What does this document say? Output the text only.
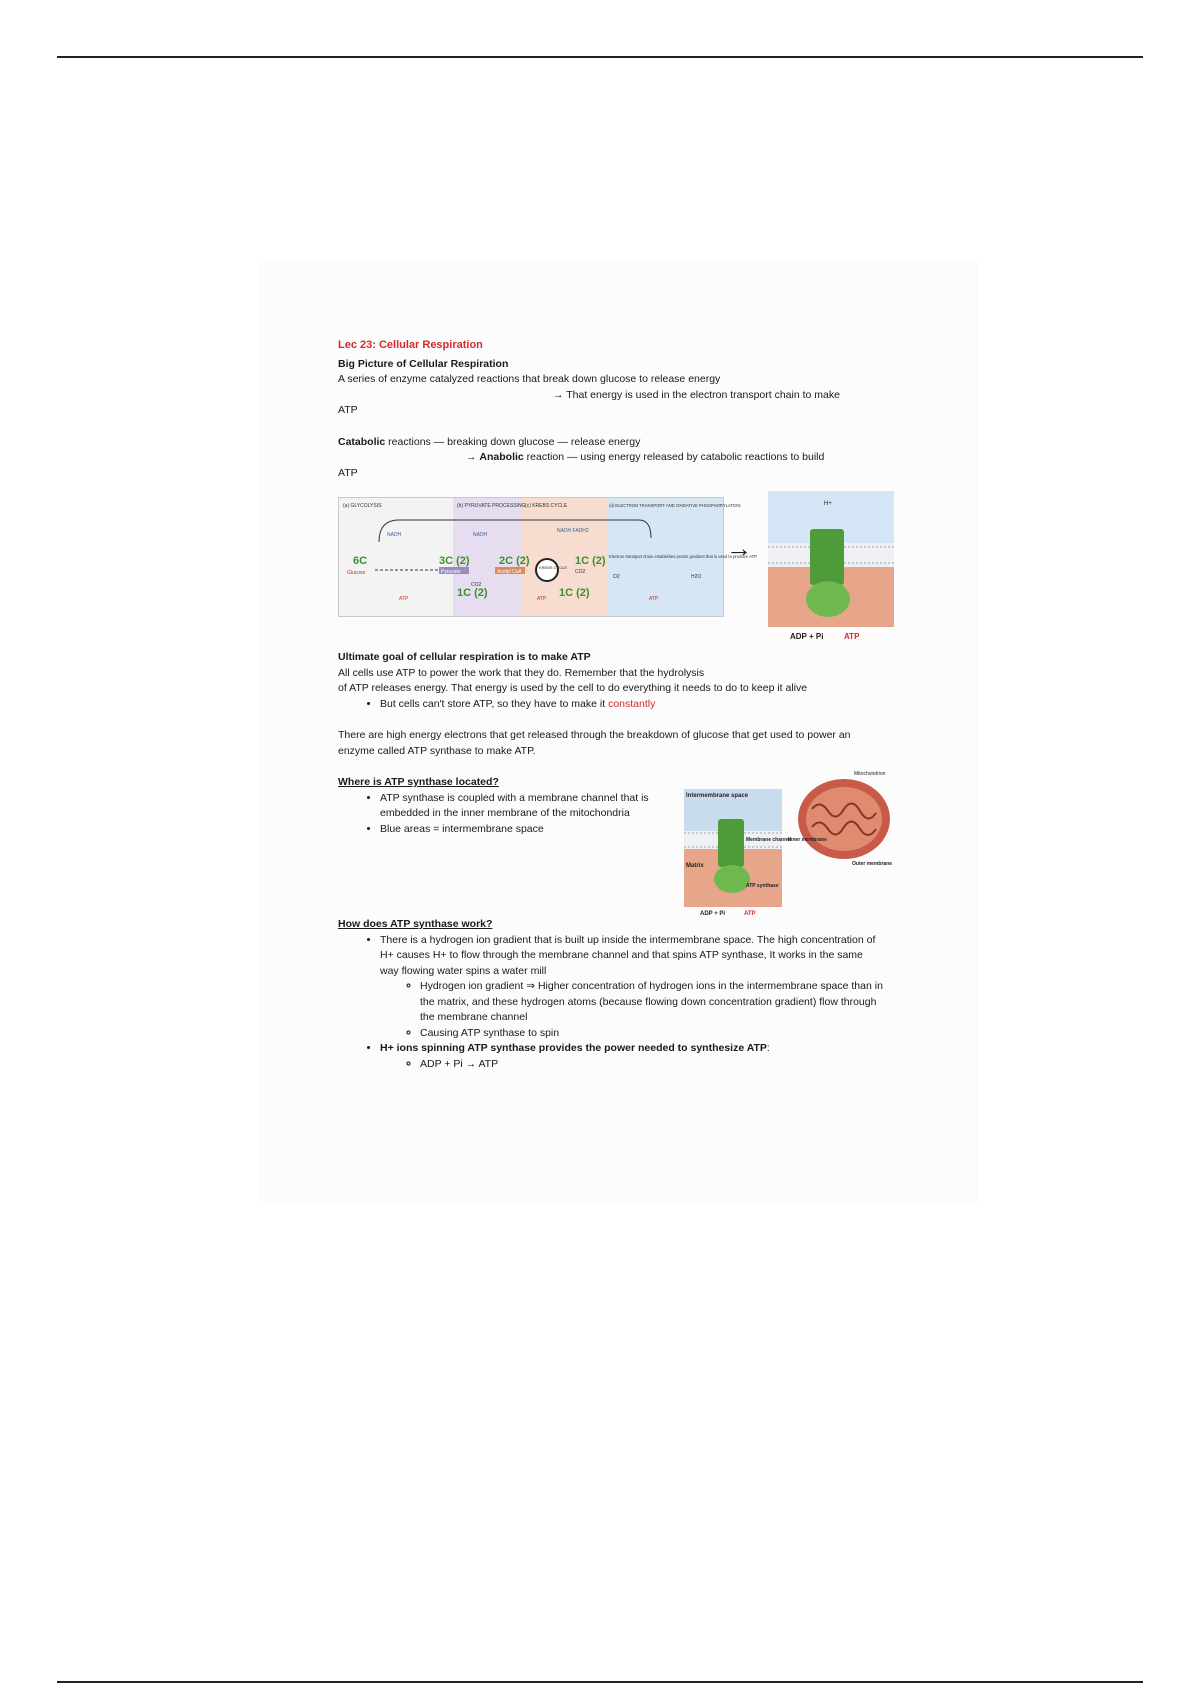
Lec 23: Cellular Respiration
Big Picture of Cellular Respiration

A series of enzyme catalyzed reactions that break down glucose to release energy

→ That energy is used in the electron transport chain to make

ATP

Catabolic reactions — breaking down glucose — release energy

→ Anabolic reaction — using energy released by catabolic reactions to build

ATP

(a) GLYCOLYSIS	(b) PYRUVATE PROCESSING (c) KREBS CYCLE	(d) ELECTRON TRANSPORT AND OXIDATIVE PHOSPHORYLATION
NADH	NADH
NADH FADH2
6C
Glucose
3C (2)
Pyruvate
2C (2)
Acetyl CoA
KREBS CYCLE
1C (2)
CO2
Electron transport chain establishes proton gradient that is used to produce ATP
O2	H2O
1C (2)
CO2
1C (2)
ATP	ATP	ATP
→
H+
ADP + Pi	ATP
Ultimate goal of cellular respiration is to make ATP

All cells use ATP to power the work that they do. Remember that the hydrolysis

of ATP releases energy. That energy is used by the cell to do everything it needs to do to keep it alive

• But cells can't store ATP, so they have to make it constantly

There are high energy electrons that get released through the breakdown of glucose that get used to power an enzyme called ATP synthase to make ATP.

Where is ATP synthase located?
• ATP synthase is coupled with a membrane channel that is embedded in the inner membrane of the mitochondria
• Blue areas = intermembrane space
Mitochondrion
Intermembrane space
Membrane channel
Inner membrane
Outer membrane
Matrix
ATP synthase
ADP + Pi	ATP
How does ATP synthase work?
• There is a hydrogen ion gradient that is built up inside the intermembrane space. The high concentration of H+ causes H+ to flow through the membrane channel and that spins ATP synthase, It works in the same way flowing water spins a water mill
◦ Hydrogen ion gradient ⇒ Higher concentration of hydrogen ions in the intermembrane space than in the matrix, and these hydrogen atoms (because flowing down concentration gradient) flow through the membrane channel
◦ Causing ATP synthase to spin
• H+ ions spinning ATP synthase provides the power needed to synthesize ATP:
◦ ADP + Pi → ATP
